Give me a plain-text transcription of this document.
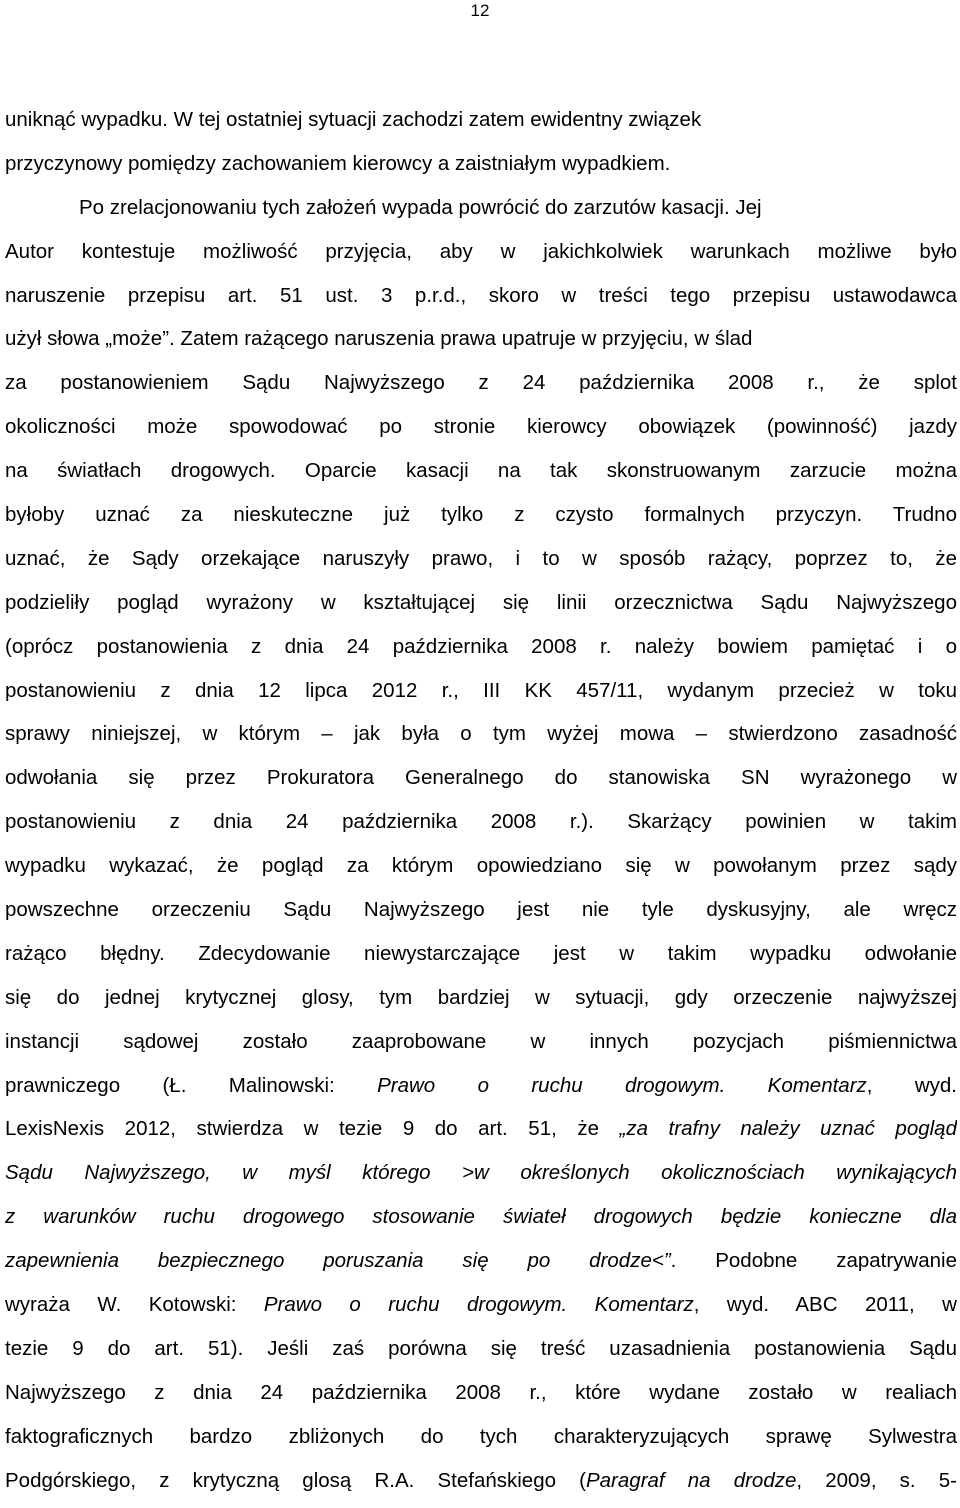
12
uniknąć wypadku. W tej ostatniej sytuacji zachodzi zatem ewidentny związek
przyczynowy pomiędzy zachowaniem kierowcy a zaistniałym wypadkiem.
Po zrelacjonowaniu tych założeń wypada powrócić do zarzutów kasacji. Jej
Autor kontestuje możliwość przyjęcia, aby w jakichkolwiek warunkach możliwe było
naruszenie przepisu art. 51 ust. 3 p.r.d., skoro w treści tego przepisu ustawodawca
użył słowa „może”. Zatem rażącego naruszenia prawa upatruje w przyjęciu, w ślad
za postanowieniem Sądu Najwyższego z 24 października 2008 r., że splot
okoliczności może spowodować po stronie kierowcy obowiązek (powinność) jazdy
na światłach drogowych. Oparcie kasacji na tak skonstruowanym zarzucie można
byłoby uznać za nieskuteczne już tylko z czysto formalnych przyczyn. Trudno
uznać, że Sądy orzekające naruszyły prawo, i to w sposób rażący, poprzez to, że
podzieliły pogląd wyrażony w kształtującej się linii orzecznictwa Sądu Najwyższego
(oprócz postanowienia z dnia 24 października 2008 r. należy bowiem pamiętać i o
postanowieniu z dnia 12 lipca 2012 r., III KK 457/11, wydanym przecież w toku
sprawy niniejszej, w którym – jak była o tym wyżej mowa – stwierdzono zasadność
odwołania się przez Prokuratora Generalnego do stanowiska SN wyrażonego w
postanowieniu z dnia 24 października 2008 r.). Skarżący powinien w takim
wypadku wykazać, że pogląd za którym opowiedziano się w powołanym przez sądy
powszechne orzeczeniu Sądu Najwyższego jest nie tyle dyskusyjny, ale wręcz
rażąco błędny. Zdecydowanie niewystarczające jest w takim wypadku odwołanie
się do jednej krytycznej glosy, tym bardziej w sytuacji, gdy orzeczenie najwyższej
instancji sądowej zostało zaaprobowane w innych pozycjach piśmiennictwa
prawniczego (Ł. Malinowski: Prawo o ruchu drogowym. Komentarz, wyd.
LexisNexis 2012, stwierdza w tezie 9 do art. 51, że „za trafny należy uznać pogląd
Sądu Najwyższego, w myśl którego >w określonych okolicznościach wynikających
z warunków ruchu drogowego stosowanie świateł drogowych będzie konieczne dla
zapewnienia bezpiecznego poruszania się po drodze<”. Podobne zapatrywanie
wyraża W. Kotowski: Prawo o ruchu drogowym. Komentarz, wyd. ABC 2011, w
tezie 9 do art. 51). Jeśli zaś porówna się treść uzasadnienia postanowienia Sądu
Najwyższego z dnia 24 października 2008 r., które wydane zostało w realiach
faktograficznych bardzo zbliżonych do tych charakteryzujących sprawę Sylwestra
Podgórskiego, z krytyczną glosą R.A. Stefańskiego (Paragraf na drodze, 2009, s. 5-
